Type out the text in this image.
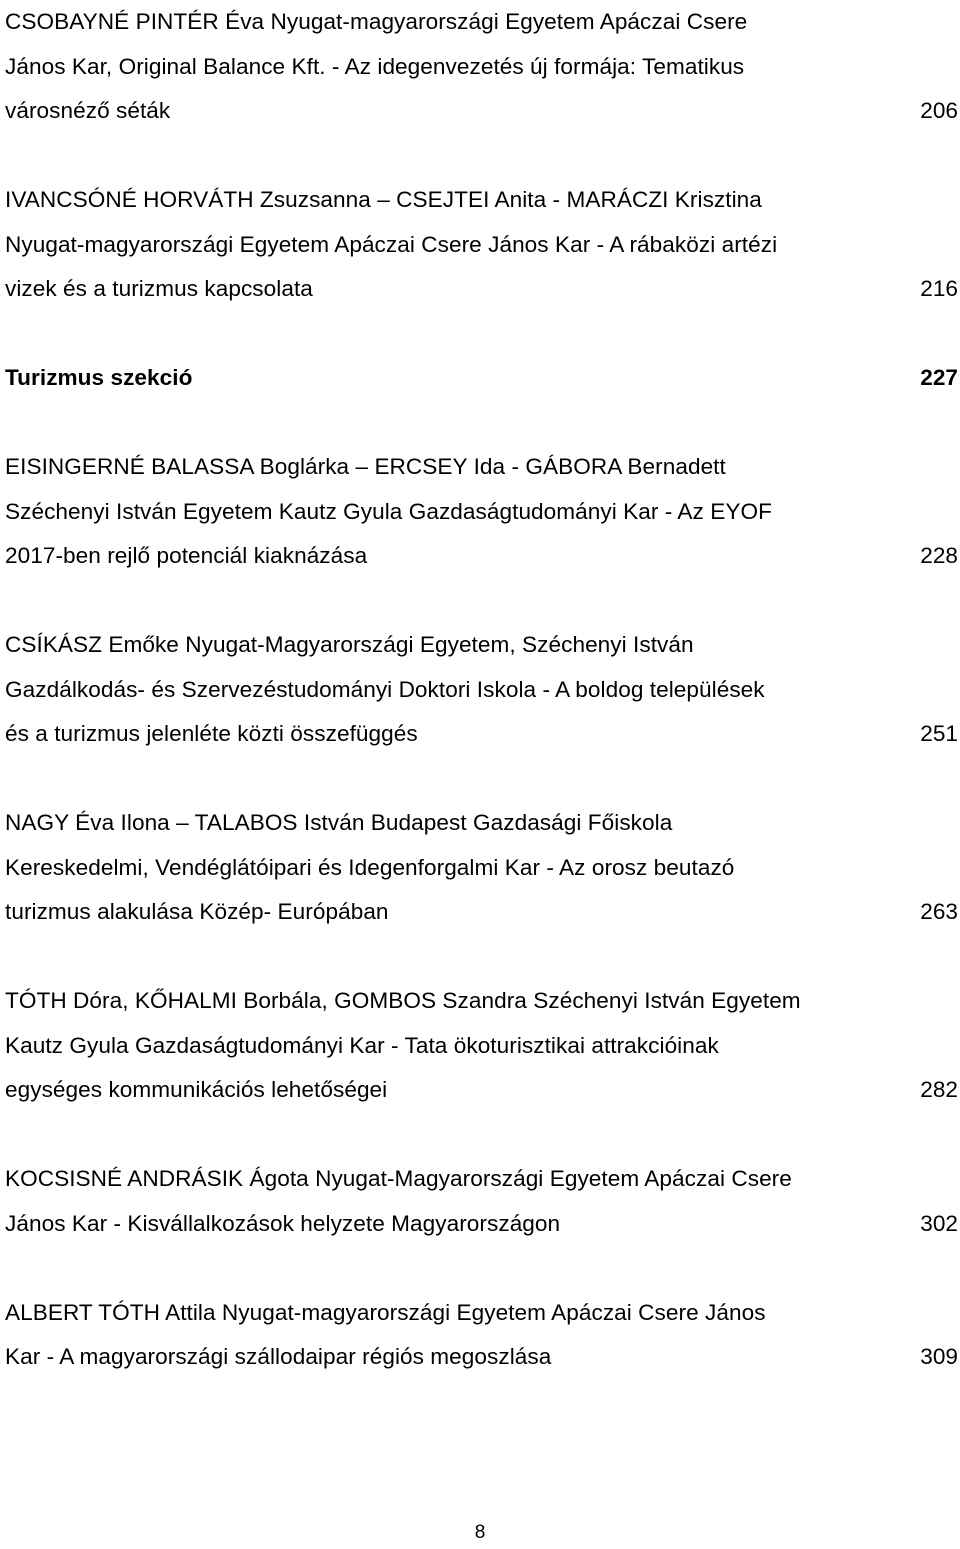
CSOBAYNÉ PINTÉR Éva Nyugat-magyarországi Egyetem Apáczai Csere
János Kar, Original Balance Kft. - Az idegenvezetés új formája: Tematikus
városnéző séták	206
IVANCSÓNÉ HORVÁTH Zsuzsanna – CSEJTEI Anita - MARÁCZI Krisztina
Nyugat-magyarországi Egyetem Apáczai Csere János Kar - A rábaközi artézi
vizek és a turizmus kapcsolata	216
Turizmus szekció	227
EISINGERNÉ BALASSA Boglárka – ERCSEY Ida - GÁBORA Bernadett
Széchenyi István Egyetem Kautz Gyula Gazdaságtudományi Kar - Az EYOF
2017-ben rejlő potenciál kiaknázása	228
CSÍKÁSZ Emőke Nyugat-Magyarországi Egyetem, Széchenyi István
Gazdálkodás- és Szervezéstudományi Doktori Iskola - A boldog települések
és a turizmus jelenléte közti összefüggés	251
NAGY Éva Ilona – TALABOS István Budapest Gazdasági Főiskola
Kereskedelmi, Vendéglátóipari és Idegenforgalmi Kar - Az orosz beutazó
turizmus alakulása Közép- Európában	263
TÓTH Dóra, KŐHALMI Borbála, GOMBOS Szandra Széchenyi István Egyetem
Kautz Gyula Gazdaságtudományi Kar - Tata ökoturisztikai attrakcióinak
egységes kommunikációs lehetőségei	282
KOCSISNÉ ANDRÁSIK Ágota Nyugat-Magyarországi Egyetem Apáczai Csere
János Kar - Kisvállalkozások helyzete Magyarországon	302
ALBERT TÓTH Attila Nyugat-magyarországi Egyetem Apáczai Csere János
Kar - A magyarországi szállodaipar régiós megoszlása	309
8
